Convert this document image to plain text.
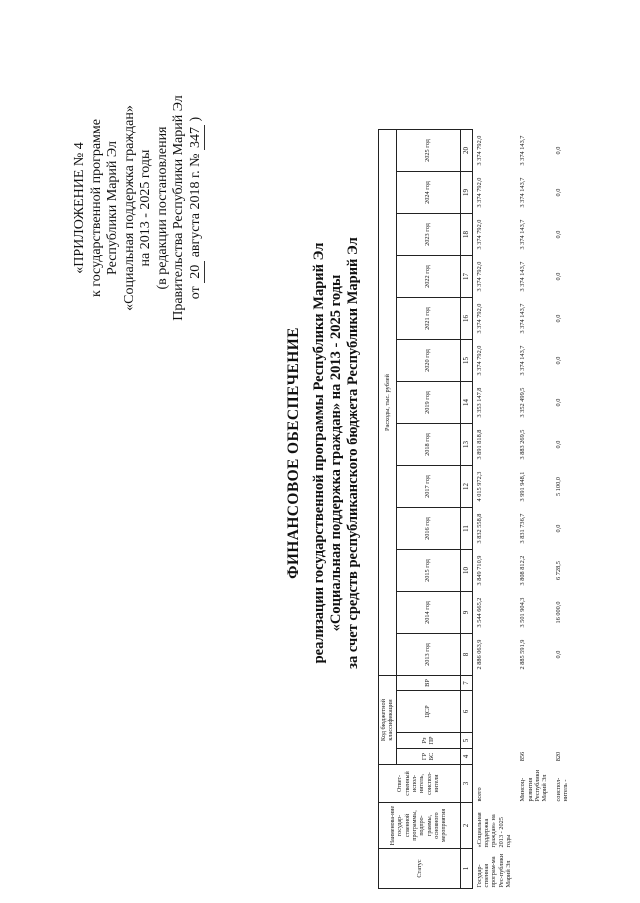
«ПРИЛОЖЕНИЕ № 4 к государственной программе Республики Марий Эл «Социальная поддержка граждан» на 2013 - 2025 годы (в редакции постановления Правительства Республики Марий Эл от 20 августа 2018 г. № 347 )
ФИНАНСОВОЕ ОБЕСПЕЧЕНИЕ реализации государственной программы Республики Марий Эл «Социальная поддержка граждан» на 2013 - 2025 годы за счет средств республиканского бюджета Республики Марий Эл
Статус	Наименова-ние государ-ственной программы, подпро-граммы, основного мероприятия	Ответ-ственный испол-нитель, соиспол-нители	Код бюджетной классификации				Расходы, тыс. рублей												
			ГР БС	Рз ПР	ЦСР	ВР	2013 год	2014 год	2015 год	2016 год	2017 год	2018 год	2019 год	2020 год	2021 год	2022 год	2023 год	2024 год	2025 год
1	2	3	4	5	6	7	8	9	10	11	12	13	14	15	16	17	18	19	20
Государ-ственная програм-ма Рес-публики Марий Эл	«Социальная поддержка граждан» на 2013 - 2025 годы	всего					2 886 063,9	3 544 665,2	3 849 710,9	3 832 558,8	4 015 972,3	3 891 818,8	3 353 147,8	3 374 792,0	3 374 792,0	3 374 792,0	3 374 792,0	3 374 792,0	3 374 792,0
		Минсоц-развития Республики Марий Эл	856				2 885 591,9	3 501 904,3	3 808 812,2	3 831 736,7	3 991 948,1	3 883 269,5	3 352 499,5	3 374 143,7	3 374 143,7	3 374 143,7	3 374 143,7	3 374 143,7	3 374 143,7
		соиспол-нитель -	820				0,0	16 000,0	6 728,5	0,0	5 100,0	0,0	0,0	0,0	0,0	0,0	0,0	0,0	0,0
